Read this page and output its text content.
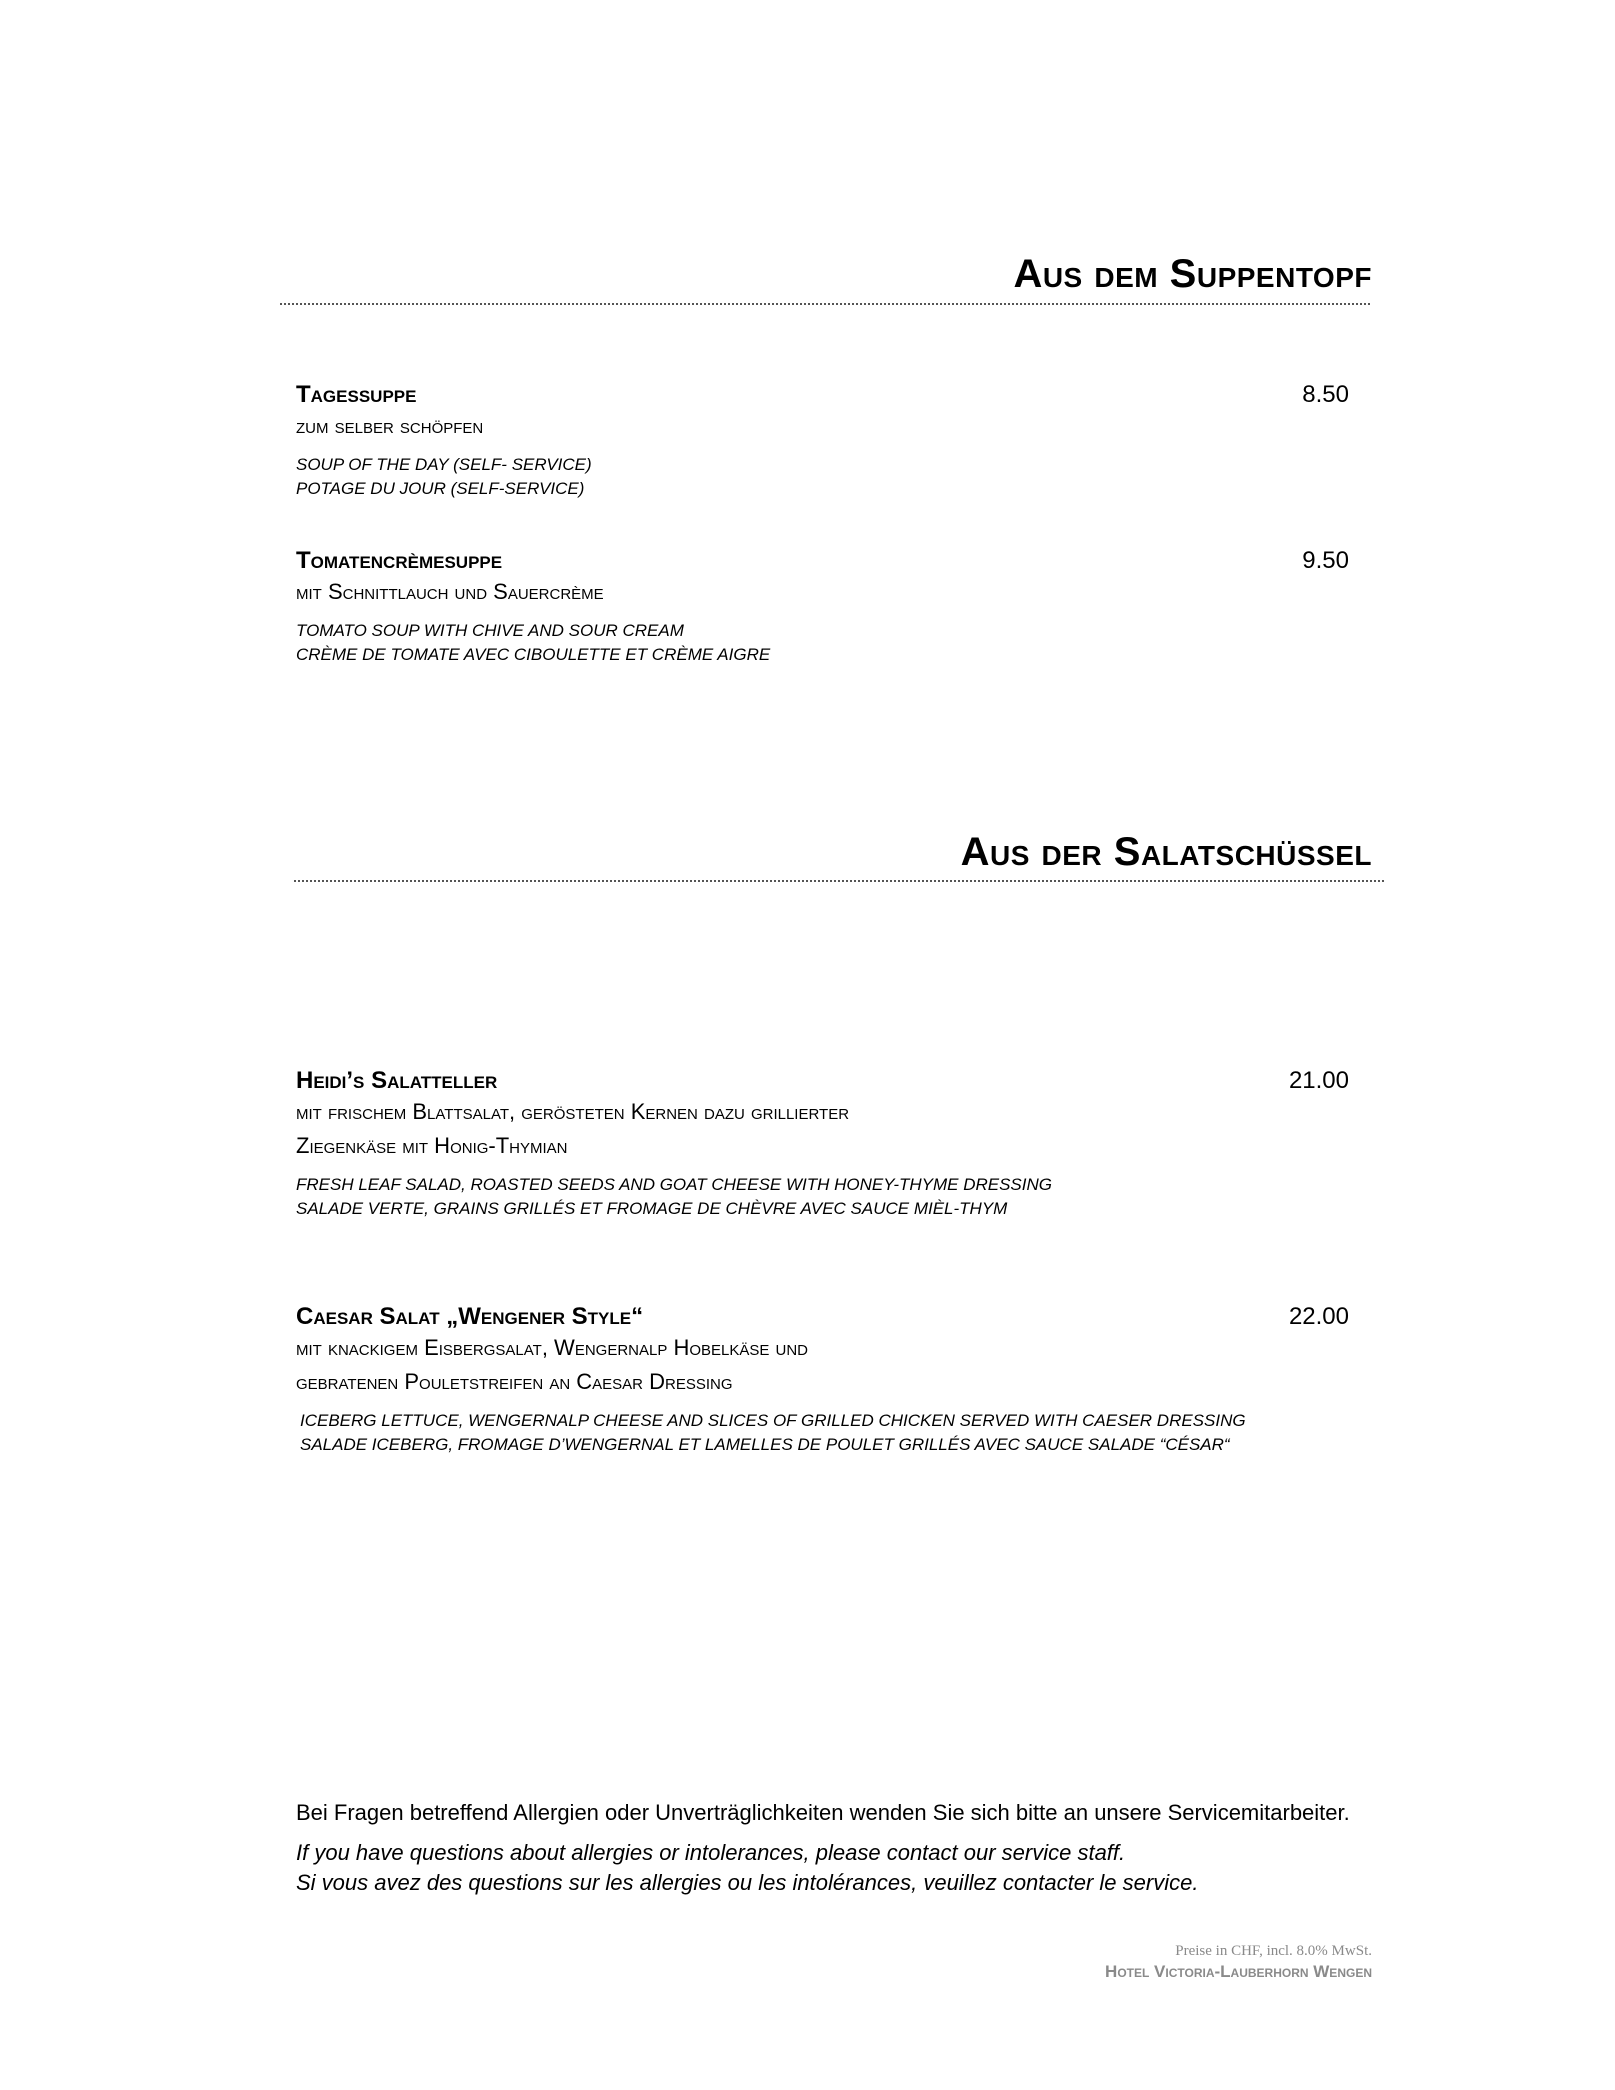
Aus dem Suppentopf
Tagessuppe
zum selber schöpfen
SOUP OF THE DAY (SELF- SERVICE)
POTAGE DU JOUR (SELF-SERVICE)
8.50
Tomatencrèmesuppe
mit Schnittlauch und Sauercrème
TOMATO SOUP WITH CHIVE AND SOUR CREAM
CRÈME DE TOMATE AVEC CIBOULETTE ET CRÈME AIGRE
9.50
Aus der Salatschüssel
Heidi’s Salatteller
mit frischem Blattsalat, gerösteten Kernen dazu grillierter
Ziegenkäse mit Honig-Thymian
FRESH LEAF SALAD, ROASTED SEEDS AND GOAT CHEESE WITH HONEY-THYME DRESSING
SALADE VERTE, GRAINS GRILLÉS ET FROMAGE DE CHÈVRE AVEC SAUCE MIÈL-THYM
21.00
Caesar Salat „Wengener Style“
mit knackigem Eisbergsalat, Wengernalp Hobelkäse und
gebratenen Pouletstreifen an Caesar Dressing
ICEBERG LETTUCE, WENGERNALP CHEESE AND SLICES OF GRILLED CHICKEN SERVED WITH CAESER DRESSING
SALADE ICEBERG, FROMAGE D’WENGERNAL ET LAMELLES DE POULET GRILLÉS AVEC SAUCE SALADE “CÉSAR“
22.00
Bei Fragen betreffend Allergien oder Unverträglichkeiten wenden Sie sich bitte an unsere Servicemitarbeiter.
If you have questions about allergies or intolerances, please contact our service staff.
Si vous avez des questions sur les allergies ou les intolérances, veuillez contacter le service.
Preise in CHF, incl. 8.0% MwSt.
Hotel Victoria-Lauberhorn Wengen
